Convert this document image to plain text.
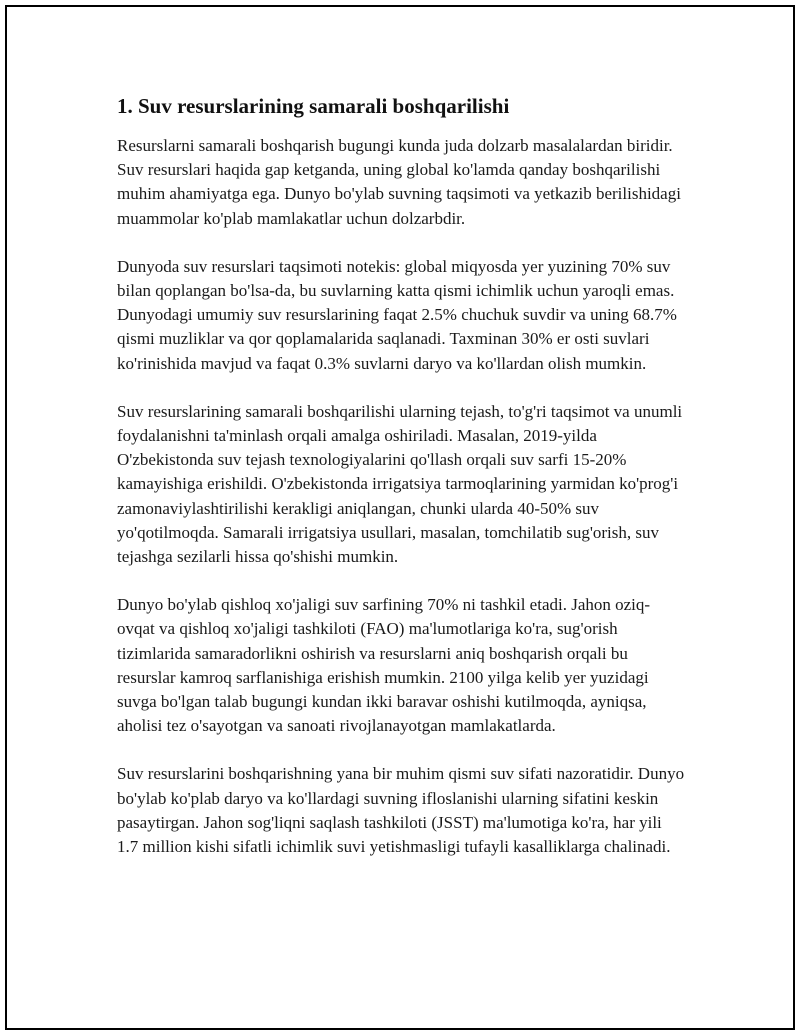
1. Suv resurslarining samarali boshqarilishi

Resurslarni samarali boshqarish bugungi kunda juda dolzarb masalalardan biridir. Suv resurslari haqida gap ketganda, uning global ko'lamda qanday boshqarilishi muhim ahamiyatga ega. Dunyo bo'ylab suvning taqsimoti va yetkazib berilishidagi muammolar ko'plab mamlakatlar uchun dolzarbdir.

Dunyoda suv resurslari taqsimoti notekis: global miqyosda yer yuzining 70% suv bilan qoplangan bo'lsa-da, bu suvlarning katta qismi ichimlik uchun yaroqli emas. Dunyodagi umumiy suv resurslarining faqat 2.5% chuchuk suvdir va uning 68.7% qismi muzliklar va qor qoplamalarida saqlanadi. Taxminan 30% er osti suvlari ko'rinishida mavjud va faqat 0.3% suvlarni daryo va ko'llardan olish mumkin.

Suv resurslarining samarali boshqarilishi ularning tejash, to'g'ri taqsimot va unumli foydalanishni ta'minlash orqali amalga oshiriladi. Masalan, 2019-yilda O'zbekistonda suv tejash texnologiyalarini qo'llash orqali suv sarfi 15-20% kamayishiga erishildi. O'zbekistonda irrigatsiya tarmoqlarining yarmidan ko'prog'i zamonaviylashtirilishi kerakligi aniqlangan, chunki ularda 40-50% suv yo'qotilmoqda. Samarali irrigatsiya usullari, masalan, tomchilatib sug'orish, suv tejashga sezilarli hissa qo'shishi mumkin.

Dunyo bo'ylab qishloq xo'jaligi suv sarfining 70% ni tashkil etadi. Jahon oziq-ovqat va qishloq xo'jaligi tashkiloti (FAO) ma'lumotlariga ko'ra, sug'orish tizimlarida samaradorlikni oshirish va resurslarni aniq boshqarish orqali bu resurslar kamroq sarflanishiga erishish mumkin. 2100 yilga kelib yer yuzidagi suvga bo'lgan talab bugungi kundan ikki baravar oshishi kutilmoqda, ayniqsa, aholisi tez o'sayotgan va sanoati rivojlanayotgan mamlakatlarda.

Suv resurslarini boshqarishning yana bir muhim qismi suv sifati nazoratidir. Dunyo bo'ylab ko'plab daryo va ko'llardagi suvning ifloslanishi ularning sifatini keskin pasaytirgan. Jahon sog'liqni saqlash tashkiloti (JSST) ma'lumotiga ko'ra, har yili 1.7 million kishi sifatli ichimlik suvi yetishmasligi tufayli kasalliklarga chalinadi.
